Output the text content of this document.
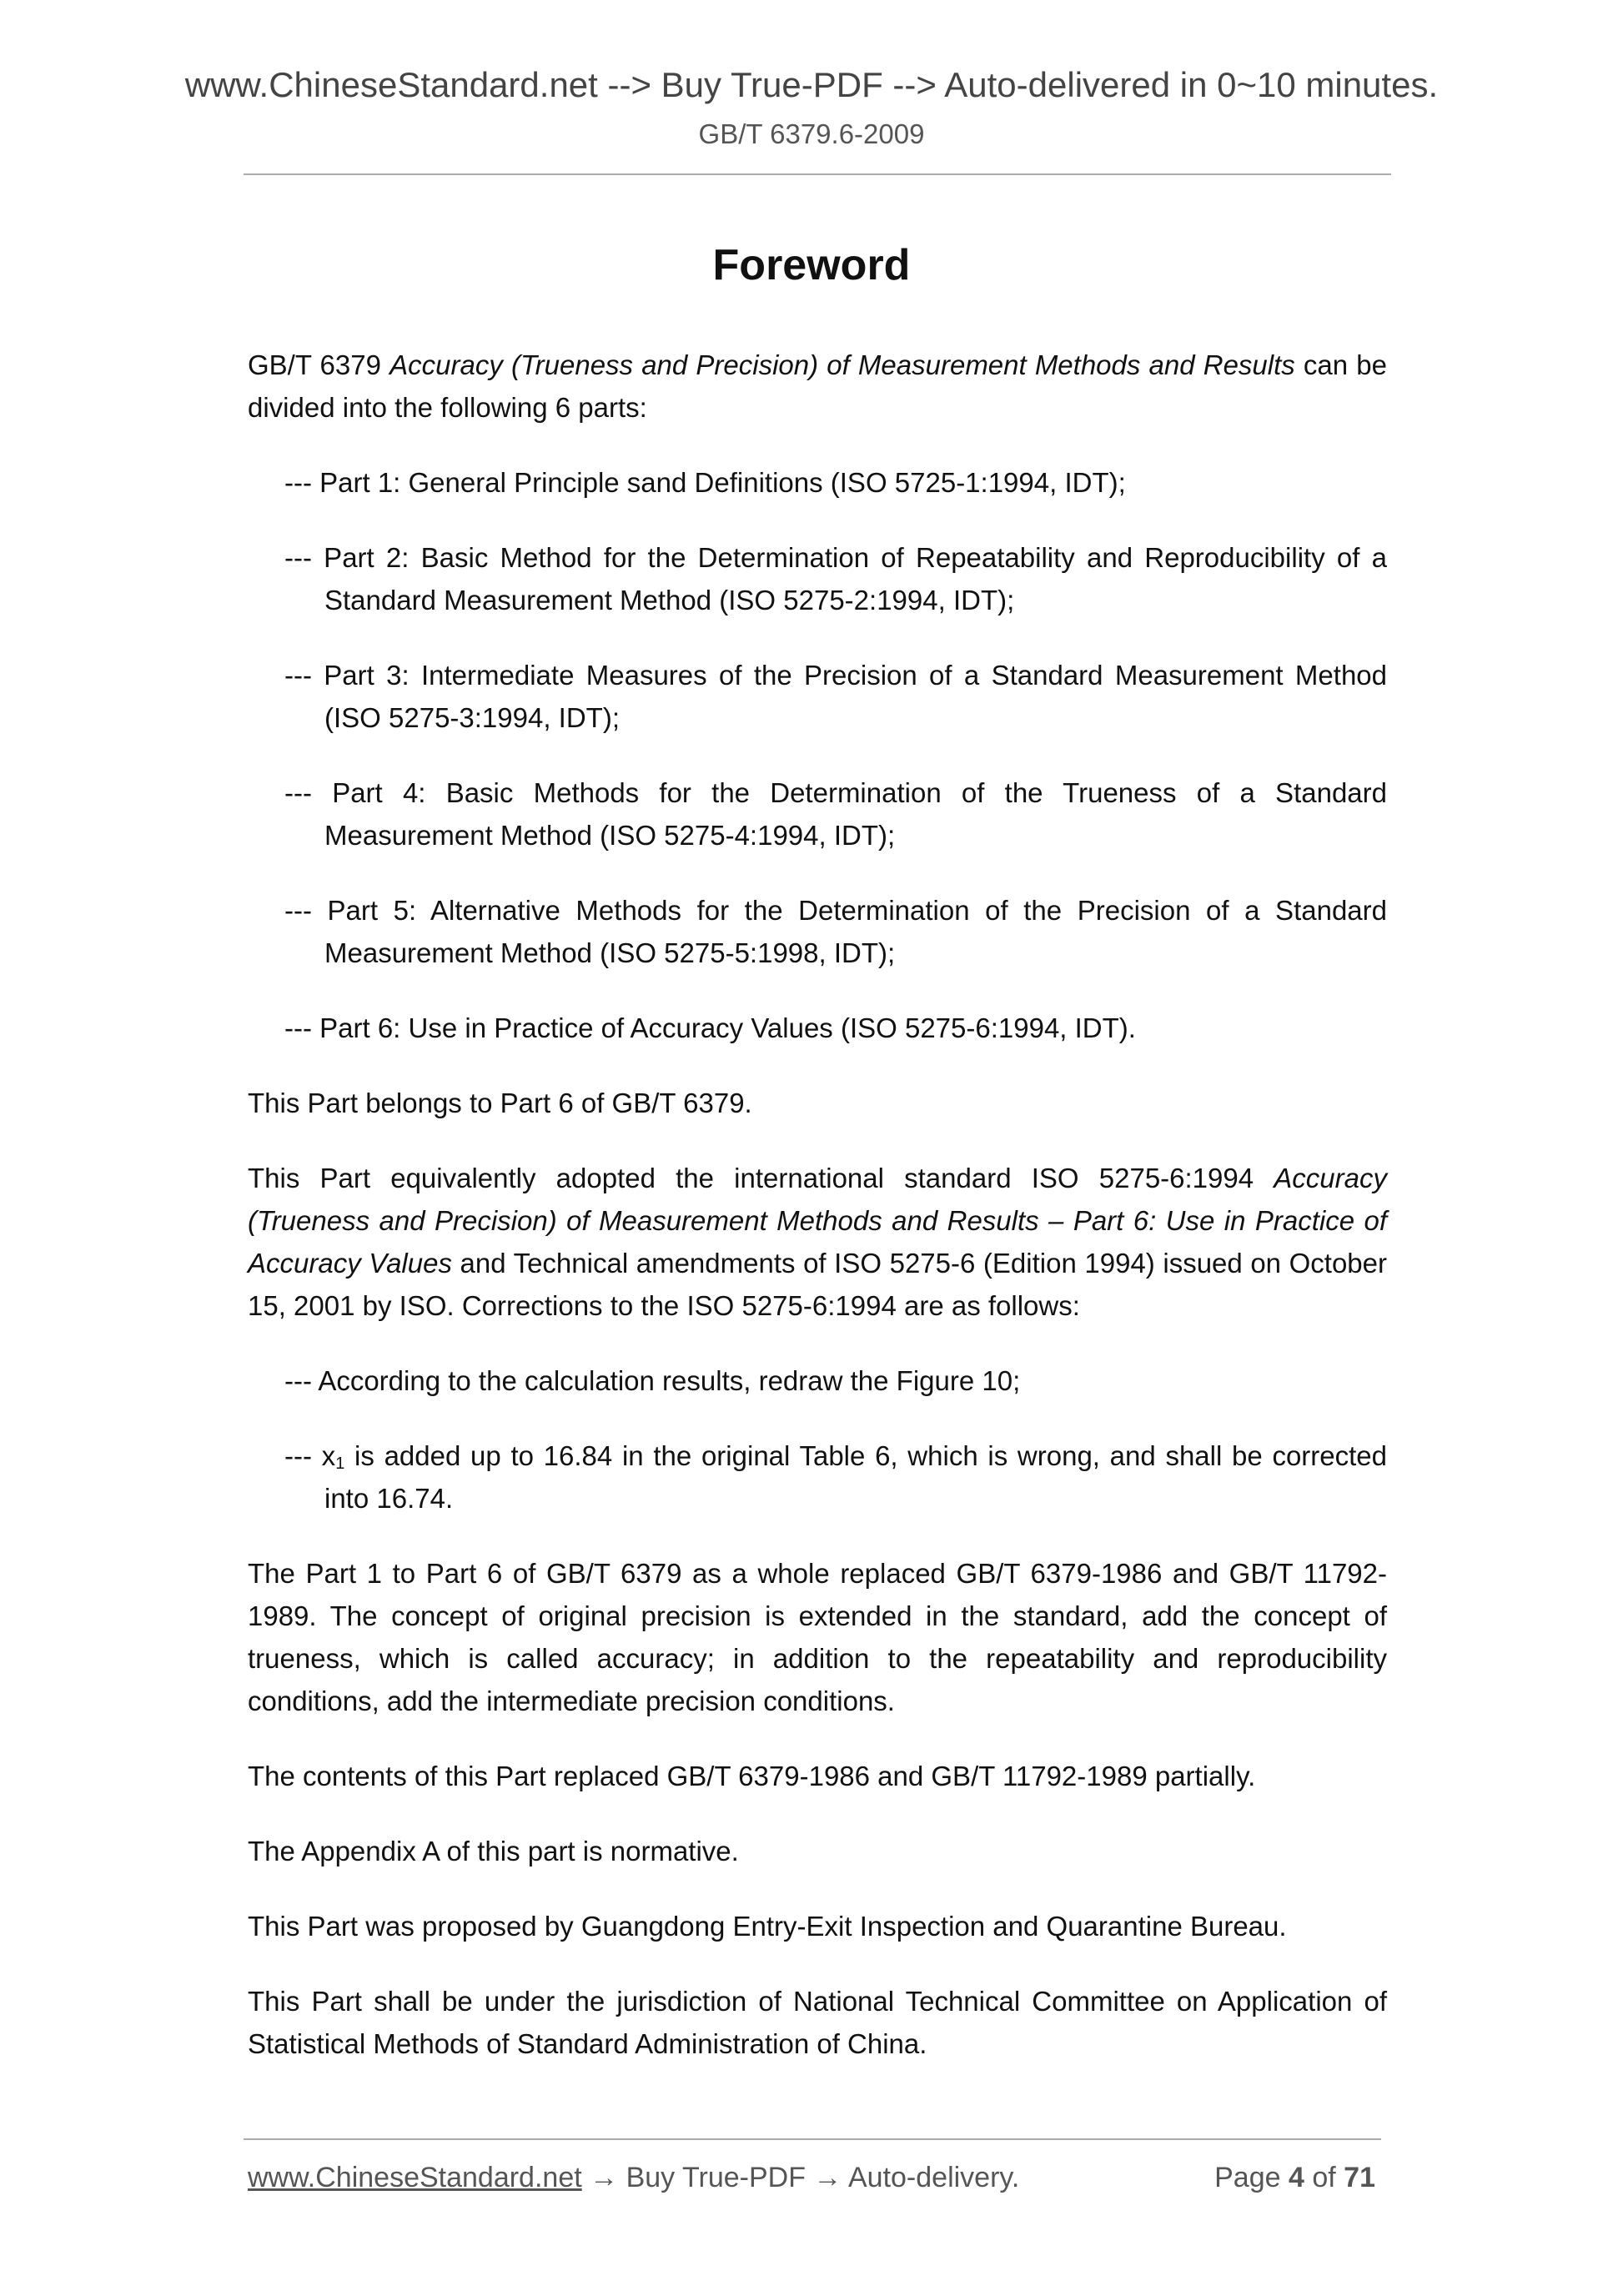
www.ChineseStandard.net --> Buy True-PDF --> Auto-delivered in 0~10 minutes.
GB/T 6379.6-2009
Foreword

GB/T 6379 Accuracy (Trueness and Precision) of Measurement Methods and Results can be divided into the following 6 parts:

--- Part 1: General Principle sand Definitions (ISO 5725-1:1994, IDT);

--- Part 2: Basic Method for the Determination of Repeatability and Reproducibility of a Standard Measurement Method (ISO 5275-2:1994, IDT);

--- Part 3: Intermediate Measures of the Precision of a Standard Measurement Method (ISO 5275-3:1994, IDT);

--- Part 4: Basic Methods for the Determination of the Trueness of a Standard Measurement Method (ISO 5275-4:1994, IDT);

--- Part 5: Alternative Methods for the Determination of the Precision of a Standard Measurement Method (ISO 5275-5:1998, IDT);

--- Part 6: Use in Practice of Accuracy Values (ISO 5275-6:1994, IDT).

This Part belongs to Part 6 of GB/T 6379.

This Part equivalently adopted the international standard ISO 5275-6:1994 Accuracy (Trueness and Precision) of Measurement Methods and Results – Part 6: Use in Practice of Accuracy Values and Technical amendments of ISO 5275-6 (Edition 1994) issued on October 15, 2001 by ISO. Corrections to the ISO 5275-6:1994 are as follows:

--- According to the calculation results, redraw the Figure 10;

--- $x_1$ is added up to 16.84 in the original Table 6, which is wrong, and shall be corrected into 16.74.

The Part 1 to Part 6 of GB/T 6379 as a whole replaced GB/T 6379-1986 and GB/T 11792-1989. The concept of original precision is extended in the standard, add the concept of trueness, which is called accuracy; in addition to the repeatability and reproducibility conditions, add the intermediate precision conditions.

The contents of this Part replaced GB/T 6379-1986 and GB/T 11792-1989 partially.

The Appendix A of this part is normative.

This Part was proposed by Guangdong Entry-Exit Inspection and Quarantine Bureau.

This Part shall be under the jurisdiction of National Technical Committee on Application of Statistical Methods of Standard Administration of China.

www.ChineseStandard.net → Buy True-PDF → Auto-delivery.	Page 4 of 71
